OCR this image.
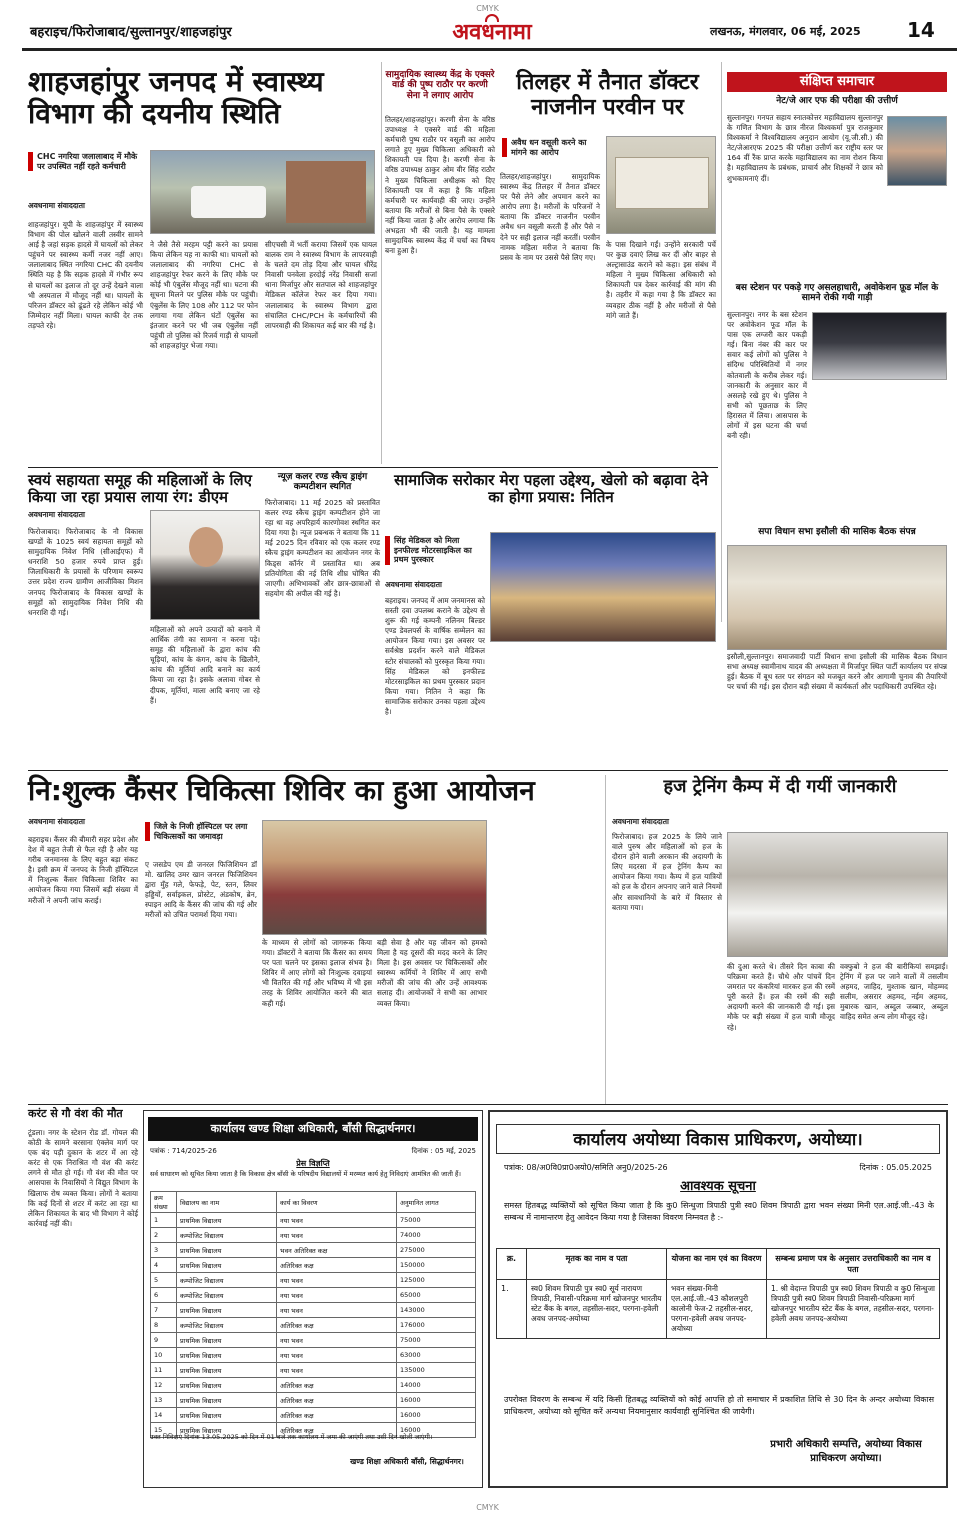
CMYK
बहराइच/फिरोजाबाद/सुल्तानपुर/शाहजहांपुर	अवधनामा	लखनऊ, मंगलवार, 06 मई, 2025 14
शाहजहांपुर जनपद में स्वास्थ्य विभाग की दयनीय स्थिति
CHC नगरिया जलालाबाद में मौके पर उपस्थित नहीं रहते कर्मचारी
अवधनामा संवाददाता
शाहजहांपुर। यूपी के शाहजहांपुर में स्वास्थ्य विभाग की पोल खोलने वाली तस्वीर सामने आई है जहां सड़क हादसे में घायलों को लेकर पहुंचने पर स्वास्थ्य कर्मी नजर नहीं आए। जलालाबाद स्थित नगरिया CHC की दयनीय स्थिति यह है कि सड़क हादसे में गंभीर रूप से घायलों का इलाज तो दूर उन्हें देखने वाला भी अस्पताल में मौजूद नहीं था। घायलों के परिजन डॉक्टर को ढूंढते रहे लेकिन कोई भी जिम्मेदार नहीं मिला। घायल काफी देर तक तड़पते रहे।
ने जैसे तैसे मरहम पट्टी करने का प्रयास किया लेकिन यह ना काफी था। घायलों को जलालाबाद की नगरिया CHC से शाहजहांपुर रेफर करने के लिए मौके पर कोई भी एंबुलेंस मौजूद नहीं था। घटना की सूचना मिलने पर पुलिस मौके पर पहुंची। एंबुलेंस के लिए 108 और 112 पर फोन लगाया गया लेकिन घंटों एंबुलेंस का इंतजार करने पर भी जब एंबुलेंस नहीं पहुंची तो पुलिस को रिजर्व गाड़ी से घायलों को शाहजहांपुर भेजा गया।
सीएचसी में भर्ती कराया जिसमें एक घायल बालक राम ने स्वास्थ्य विभाग के लापरवाही के चलते दम तोड़ दिया और घायल धीरेंद्र निवासी पनवेला हरदोई नरेंद्र निवासी सजां थाना मिर्जापुर और सतपाल को शाहजहांपुर मेडिकल कॉलेज रेफर कर दिया गया। जलालाबाद के स्वास्थ्य विभाग द्वारा संचालित CHC/PCH के कर्मचारियों की लापरवाही की शिकायत कई बार की गई है।
सामुदायिक स्वास्थ्य केंद्र के एक्सरे वार्ड की पुष्प राठौर पर करणी सेना ने लगाए आरोप
तिलहर/शाहजहांपुर। करणी सेना के वरिष्ठ उपाध्यक्ष ने एक्सरे वार्ड की महिला कर्मचारी पुष्प राठौर पर वसूली का आरोप लगाते हुए मुख्य चिकित्सा अधिकारी को शिकायती पत्र दिया है। करणी सेना के वरिष्ठ उपाध्यक्ष ठाकुर ओम वीर सिंह राठौर ने मुख्य चिकित्सा अधीक्षक को दिए शिकायती पत्र में कहा है कि महिला कर्मचारी पर कार्यवाही की जाए। उन्होंने बताया कि मरीजों से बिना पैसे के एक्सरे नहीं किया जाता है और आरोप लगाया कि अभद्रता भी की जाती है। यह मामला सामुदायिक स्वास्थ्य केंद्र में चर्चा का विषय बना हुआ है।
तिलहर में तैनात डॉक्टर नाजनीन परवीन पर
अवैध धन वसूली करने का मांगने का आरोप
तिलहर/शाहजहांपुर। सामुदायिक स्वास्थ्य केंद्र तिलहर में तैनात डॉक्टर पर पैसे लेने और अपमान करने का आरोप लगा है। मरीजों के परिजनों ने बताया कि डॉक्टर नाजनीन परवीन अवैध धन वसूली करती हैं और पैसे न देने पर सही इलाज नहीं करतीं। परवीन नामक महिला मरीज ने बताया कि प्रसव के नाम पर उससे पैसे लिए गए।
के पास दिखाने गईं। उन्होंने सरकारी पर्चे पर कुछ दवाएं लिख कर दीं और बाहर से अल्ट्रासाउंड कराने को कहा। इस संबंध में महिला ने मुख्य चिकित्सा अधिकारी को शिकायती पत्र देकर कार्रवाई की मांग की है। तहरीर में कहा गया है कि डॉक्टर का व्यवहार ठीक नहीं है और मरीजों से पैसे मांगे जाते हैं।
संक्षिप्त समाचार
नेट/जे आर एफ की परीक्षा की उत्तीर्ण
सुल्तानपुर। गनपत सहाय स्नातकोत्तर महाविद्यालय सुल्तानपुर के गणित विभाग के छात्र नीरज विश्वकर्मा पुत्र राजकुमार विश्वकर्मा ने विश्वविद्यालय अनुदान आयोग (यू.जी.सी.) की नेट/जेआरएफ 2025 की परीक्षा उत्तीर्ण कर राष्ट्रीय स्तर पर 164 वीं रैंक प्राप्त करके महाविद्यालय का नाम रोशन किया है। महाविद्यालय के प्रबंधक, प्राचार्य और शिक्षकों ने छात्र को शुभकामनाएं दीं।
बस स्टेशन पर पकड़े गए असलहाधारी, अवोकेशन फ़ूड मॉल के सामने रोकी गयी गाड़ी
सुल्तानपुर। नगर के बस स्टेशन पर अवोकेशन फूड मॉल के पास एक लग्जरी कार पकड़ी गई। बिना नंबर की कार पर सवार कई लोगों को पुलिस ने संदिग्ध परिस्थितियों में नगर कोतवाली के करीब लेकर गई। जानकारी के अनुसार कार में असलहे रखे हुए थे। पुलिस ने सभी को पूछताछ के लिए हिरासत में लिया। आसपास के लोगों में इस घटना की चर्चा बनी रही।
सपा विधान सभा इसौली की मासिक बैठक संपन्न
इसौली,सुल्तानपुर। समाजवादी पार्टी विधान सभा इसौली की मासिक बैठक विधान सभा अध्यक्ष स्वामीनाथ यादव की अध्यक्षता में मिर्जापुर स्थित पार्टी कार्यालय पर संपन्न हुई। बैठक में बूथ स्तर पर संगठन को मजबूत करने और आगामी चुनाव की तैयारियों पर चर्चा की गई। इस दौरान बड़ी संख्या में कार्यकर्ता और पदाधिकारी उपस्थित रहे।
स्वयं सहायता समूह की महिलाओं के लिए किया जा रहा प्रयास लाया रंग: डीएम
अवधनामा संवाददाता
फिरोजाबाद। फिरोजाबाद के नौ विकास खण्डों के 1025 स्वयं सहायता समूहों को सामुदायिक निवेश निधि (सीआईएफ) में धनराशि 50 हजार रुपये प्राप्त हुई। जिलाधिकारी के प्रयासों के परिणाम स्वरूप उत्तर प्रदेश राज्य ग्रामीण आजीविका मिशन जनपद फिरोजाबाद के विकास खण्डों के समूहों को सामुदायिक निवेश निधि की धनराशि दी गई।
महिलाओं को अपने उत्पादों को बनाने में आर्थिक तंगी का सामना न करना पड़े। समूह की महिलाओं के द्वारा कांच की चूड़ियां, कांच के कंगन, कांच के खिलौने, कांच की मूर्तियां आदि बनाने का कार्य किया जा रहा है। इसके अलावा गोबर से दीपक, मूर्तियां, माला आदि बनाए जा रहे हैं।
न्यूज़ कलर रण्ड स्कैच ड्राइंग कम्पटीशन स्थगित
फिरोजाबाद। 11 मई 2025 को प्रस्तावित कलर रण्ड स्कैच ड्राइंग कम्पटीशन होने जा रहा था वह अपरिहार्य कारणोवश स्थगित कर दिया गया है। न्यूज प्रबन्धक ने बताया कि 11 मई 2025 दिन रविवार को एक कलर रण्ड स्कैच ड्राइंग कम्पटीशन का आयोजन नगर के किड्स कॉर्नर में प्रस्तावित था। अब प्रतियोगिता की नई तिथि शीघ्र घोषित की जाएगी। अभिभावकों और छात्र-छात्राओं से सहयोग की अपील की गई है।
सामाजिक सरोकार मेरा पहला उद्देश्य, खेलो को बढ़ावा देने का होगा प्रयास: नितिन
सिंह मेडिकल को मिला इनफील्ड मोटरसाइकिल का प्रथम पुरस्कार
अवधनामा संवाददाता
बहराइच। जनपद में आम जनमानस को सस्ती दवा उपलब्ध कराने के उद्देश्य से शुरू की गई कम्पनी नलिनम बिल्डर एण्ड डेवलपर्स के वार्षिक सम्मेलन का आयोजन किया गया। इस अवसर पर सर्वश्रेष्ठ प्रदर्शन करने वाले मेडिकल स्टोर संचालकों को पुरस्कृत किया गया। सिंह मेडिकल को इनफील्ड मोटरसाइकिल का प्रथम पुरस्कार प्रदान किया गया। नितिन ने कहा कि सामाजिक सरोकार उनका पहला उद्देश्य है।
नि:शुल्क कैंसर चिकित्सा शिविर का हुआ आयोजन
अवधनामा संवाददाता
बहराइच। कैंसर की बीमारी सहर प्रदेश और देश में बहुत तेजी से फैल रही है और यह गरीब जनमानस के लिए बहुत बड़ा संकट है। इसी क्रम में जनपद के निजी हॉस्पिटल में निःशुल्क कैंसर चिकित्सा शिविर का आयोजन किया गया जिसमें बड़ी संख्या में मरीजों ने अपनी जांच कराई।
जिले के निजी हॉस्पिटल पर लगा चिकित्सकों का जमावड़ा
ए जसडेप एम डी जनरल फिजिशियन डॉ मो. खालिद उमर खान जनरल फिजिशियन द्वारा मुँह गले, फेफड़े, पेट, स्तन, लिवर हड्डियों, सर्वाइकल, प्रोस्टेट, अंडकोष, ब्रेन, स्पाइन आदि के कैंसर की जांच की गई और मरीजों को उचित परामर्श दिया गया।
के माध्यम से लोगों को जागरूक किया गया। डॉक्टरों ने बताया कि कैंसर का समय पर पता चलने पर इसका इलाज संभव है। शिविर में आए लोगों को निःशुल्क दवाइयां भी वितरित की गईं और भविष्य में भी इस तरह के शिविर आयोजित करने की बात कही गई।
बड़ी सेवा है और यह जीवन को हमको मिला है यह दूसरों की मदद करने के लिए मिला है। इस अवसर पर चिकित्सकों और स्वास्थ्य कर्मियों ने शिविर में आए सभी मरीजों की जांच की और उन्हें आवश्यक सलाह दी। आयोजकों ने सभी का आभार व्यक्त किया।
हज ट्रेनिंग कैम्प में दी गयीं जानकारी
अवधनामा संवाददाता
फिरोजाबाद। हज 2025 के लिये जाने वाले पुरुष और महिलाओं को हज के दौरान होने वाली अरकान की अदायगी के लिए मदरसा में हज ट्रेनिंग कैम्प का आयोजन किया गया। कैम्प में हज यात्रियों को हज के दौरान अपनाए जाने वाले नियमों और सावधानियों के बारे में विस्तार से बताया गया।
की दुआ करते थे। तीसरे दिन काबा की परिक्रमा करते हैं। चौथे और पांचवें दिन जमरात पर कंकरियां मारकर हज की रस्में पूरी करते हैं। हज की रस्में की सही अदायगी करने की जानकारी दी गई। इस मौके पर बड़ी संख्या में हज यात्री मौजूद रहे।
वक्फुबो ने हज की बारीकियां समझाईं। ट्रेनिंग में हज पर जाने वालों में तसलीम अहमद, जाहिद, मुश्ताक खान, मोहम्मद सलीम, असरार अहमद, नईम अहमद, मुबारक खान, अब्दुल जब्बार, अब्दुल वाहिद समेत अन्य लोग मौजूद रहे।
करंट से गौ वंश की मौत
टूंडला। नगर के स्टेशन रोड डॉ. गोयल की कोठी के सामने बरसाना एंक्लेव मार्ग पर एक बंद पड़ी दुकान के शटर में आ रहे करंट से एक निराश्रित गौ वंश की करंट लगने से मौत हो गई। गौ वंश की मौत पर आसपास के निवासियों ने विद्युत विभाग के खिलाफ रोष व्यक्त किया। लोगों ने बताया कि कई दिनों से शटर में करंट आ रहा था लेकिन शिकायत के बाद भी विभाग ने कोई कार्रवाई नहीं की।
कार्यालय खण्ड शिक्षा अधिकारी, बाँसी सिद्धार्थनगर।
पत्रांक : 714/2025-26	दिनांक : 05 मई, 2025
प्रेस विज्ञप्ति
सर्व साधारण को सूचित किया जाता है कि विकास क्षेत्र बाँसी के परिषदीय विद्यालयों में मरम्मत कार्य हेतु निविदाएं आमंत्रित की जाती हैं।
क्रम संख्या	विद्यालय का नाम	कार्य का विवरण	अनुमानित लागत
1	प्राथमिक विद्यालय	नया भवन	75000
2	कम्पोजिट विद्यालय	नया भवन	74000
3	प्राथमिक विद्यालय	भवन अतिरिक्त कक्ष	275000
4	प्राथमिक विद्यालय	अतिरिक्त कक्ष	150000
5	कम्पोजिट विद्यालय	नया भवन	125000
6	कम्पोजिट विद्यालय	नया भवन	65000
7	प्राथमिक विद्यालय	नया भवन	143000
8	कम्पोजिट विद्यालय	अतिरिक्त कक्ष	176000
9	प्राथमिक विद्यालय	नया भवन	75000
10	प्राथमिक विद्यालय	नया भवन	63000
11	प्राथमिक विद्यालय	नया भवन	135000
12	प्राथमिक विद्यालय	अतिरिक्त कक्ष	14000
13	प्राथमिक विद्यालय	अतिरिक्त कक्ष	16000
14	प्राथमिक विद्यालय	अतिरिक्त कक्ष	16000
15	प्राथमिक विद्यालय	अतिरिक्त कक्ष	16000
उक्त निविदाएं दिनांक 13.05.2025 को दिन में 01 बजे तक कार्यालय में जमा की जाएंगी तथा उसी दिन खोली जाएंगी।
खण्ड शिक्षा अधिकारी बाँसी, सिद्धार्थनगर।
कार्यालय अयोध्या विकास प्राधिकरण, अयोध्या।
पत्रांक: 08/अ0वि0प्रा0अयो0/समिति अनु0/2025-26	दिनांक : 05.05.2025
आवश्यक सूचना
समस्त हितबद्ध व्यक्तियों को सूचित किया जाता है कि कु0 सिन्धुजा त्रिपाठी पुत्री स्व0 शिवम त्रिपाठी द्वारा भवन संख्या मिनी एल.आई.जी.-43 के सम्बन्ध में नामान्तरण हेतु आवेदन किया गया है जिसका विवरण निम्नवत है :-
क्र.	मृतक का नाम व पता	योजना का नाम एवं का विवरण	सम्बन्ध प्रमाण पत्र के अनुसार उत्तराधिकारी का नाम व पता
1.	स्व0 शिवम त्रिपाठी पुत्र स्व0 सूर्य नारायण त्रिपाठी, निवासी-परिक्रमा मार्ग खोजनपुर भारतीय स्टेट बैंक के बगल, तहसील-सदर, परगना-हवेली अवध जनपद-अयोध्या	भवन संख्या-मिनी एल.आई.जी.-43 कौशलपुरी कालोनी फेज-2 तहसील-सदर, परगना-हवेली अवध जनपद-अयोध्या	1. श्री वेदान्त त्रिपाठी पुत्र स्व0 शिवम त्रिपाठी व कु0 सिन्धुजा त्रिपाठी पुत्री स्व0 शिवम त्रिपाठी निवासी-परिक्रमा मार्ग खोजनपुर भारतीय स्टेट बैंक के बगल, तहसील-सदर, परगना-हवेली अवध जनपद-अयोध्या
उपरोक्त विवरण के सम्बन्ध में यदि किसी हितबद्ध व्यक्तियों को कोई आपत्ति हो तो समाचार में प्रकाशित तिथि से 30 दिन के अन्दर अयोध्या विकास प्राधिकरण, अयोध्या को सूचित करें अन्यथा नियमानुसार कार्यवाही सुनिश्चित की जायेगी।
प्रभारी अधिकारी सम्पत्ति, अयोध्या विकास प्राधिकरण अयोध्या।
CMYK
